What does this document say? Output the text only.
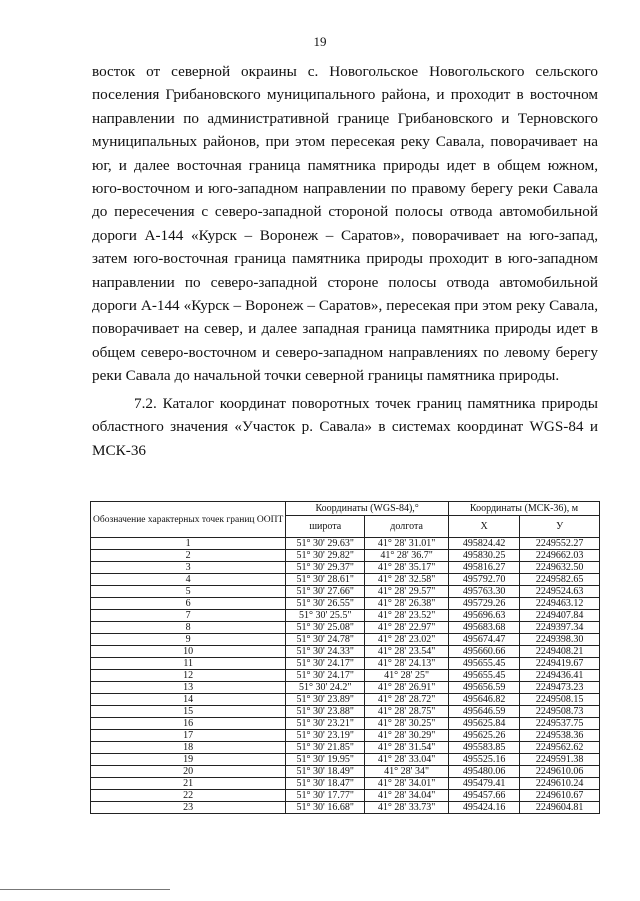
19

восток от северной окраины с. Новогольское Новогольского сельского поселения Грибановского муниципального района, и проходит в восточном направлении по административной границе Грибановского и Терновского муниципальных районов, при этом пересекая реку Савала, поворачивает на юг, и далее восточная граница памятника природы идет в общем южном, юго-восточном и юго-западном направлении по правому берегу реки Савала до пересечения с северо-западной стороной полосы отвода автомобильной дороги А-144 «Курск – Воронеж – Саратов», поворачивает на юго-запад, затем юго-восточная граница памятника природы проходит в юго-западном направлении по северо-западной стороне полосы отвода автомобильной дороги А-144 «Курск – Воронеж – Саратов», пересекая при этом реку Савала, поворачивает на север, и далее западная граница памятника природы идет в общем северо-восточном и северо-западном направлениях по левому берегу реки Савала до начальной точки северной границы памятника природы.

7.2. Каталог координат поворотных точек границ памятника природы областного значения «Участок р. Савала» в системах координат WGS-84 и МСК-36

Обозначение характерных точек границ ООПТ	Координаты (WGS-84),°		Координаты (МСК-36), м	
	широта	долгота	X	У
1	51° 30' 29.63"	41° 28' 31.01"	495824.42	2249552.27
2	51° 30' 29.82"	41° 28' 36.7"	495830.25	2249662.03
3	51° 30' 29.37"	41° 28' 35.17"	495816.27	2249632.50
4	51° 30' 28.61"	41° 28' 32.58"	495792.70	2249582.65
5	51° 30' 27.66"	41° 28' 29.57"	495763.30	2249524.63
6	51° 30' 26.55"	41° 28' 26.38"	495729.26	2249463.12
7	51° 30' 25.5"	41° 28' 23.52"	495696.63	2249407.84
8	51° 30' 25.08"	41° 28' 22.97"	495683.68	2249397.34
9	51° 30' 24.78"	41° 28' 23.02"	495674.47	2249398.30
10	51° 30' 24.33"	41° 28' 23.54"	495660.66	2249408.21
11	51° 30' 24.17"	41° 28' 24.13"	495655.45	2249419.67
12	51° 30' 24.17"	41° 28' 25"	495655.45	2249436.41
13	51° 30' 24.2"	41° 28' 26.91"	495656.59	2249473.23
14	51° 30' 23.89"	41° 28' 28.72"	495646.82	2249508.15
15	51° 30' 23.88"	41° 28' 28.75"	495646.59	2249508.73
16	51° 30' 23.21"	41° 28' 30.25"	495625.84	2249537.75
17	51° 30' 23.19"	41° 28' 30.29"	495625.26	2249538.36
18	51° 30' 21.85"	41° 28' 31.54"	495583.85	2249562.62
19	51° 30' 19.95"	41° 28' 33.04"	495525.16	2249591.38
20	51° 30' 18.49"	41° 28' 34"	495480.06	2249610.06
21	51° 30' 18.47"	41° 28' 34.01"	495479.41	2249610.24
22	51° 30' 17.77"	41° 28' 34.04"	495457.66	2249610.67
23	51° 30' 16.68"	41° 28' 33.73"	495424.16	2249604.81
